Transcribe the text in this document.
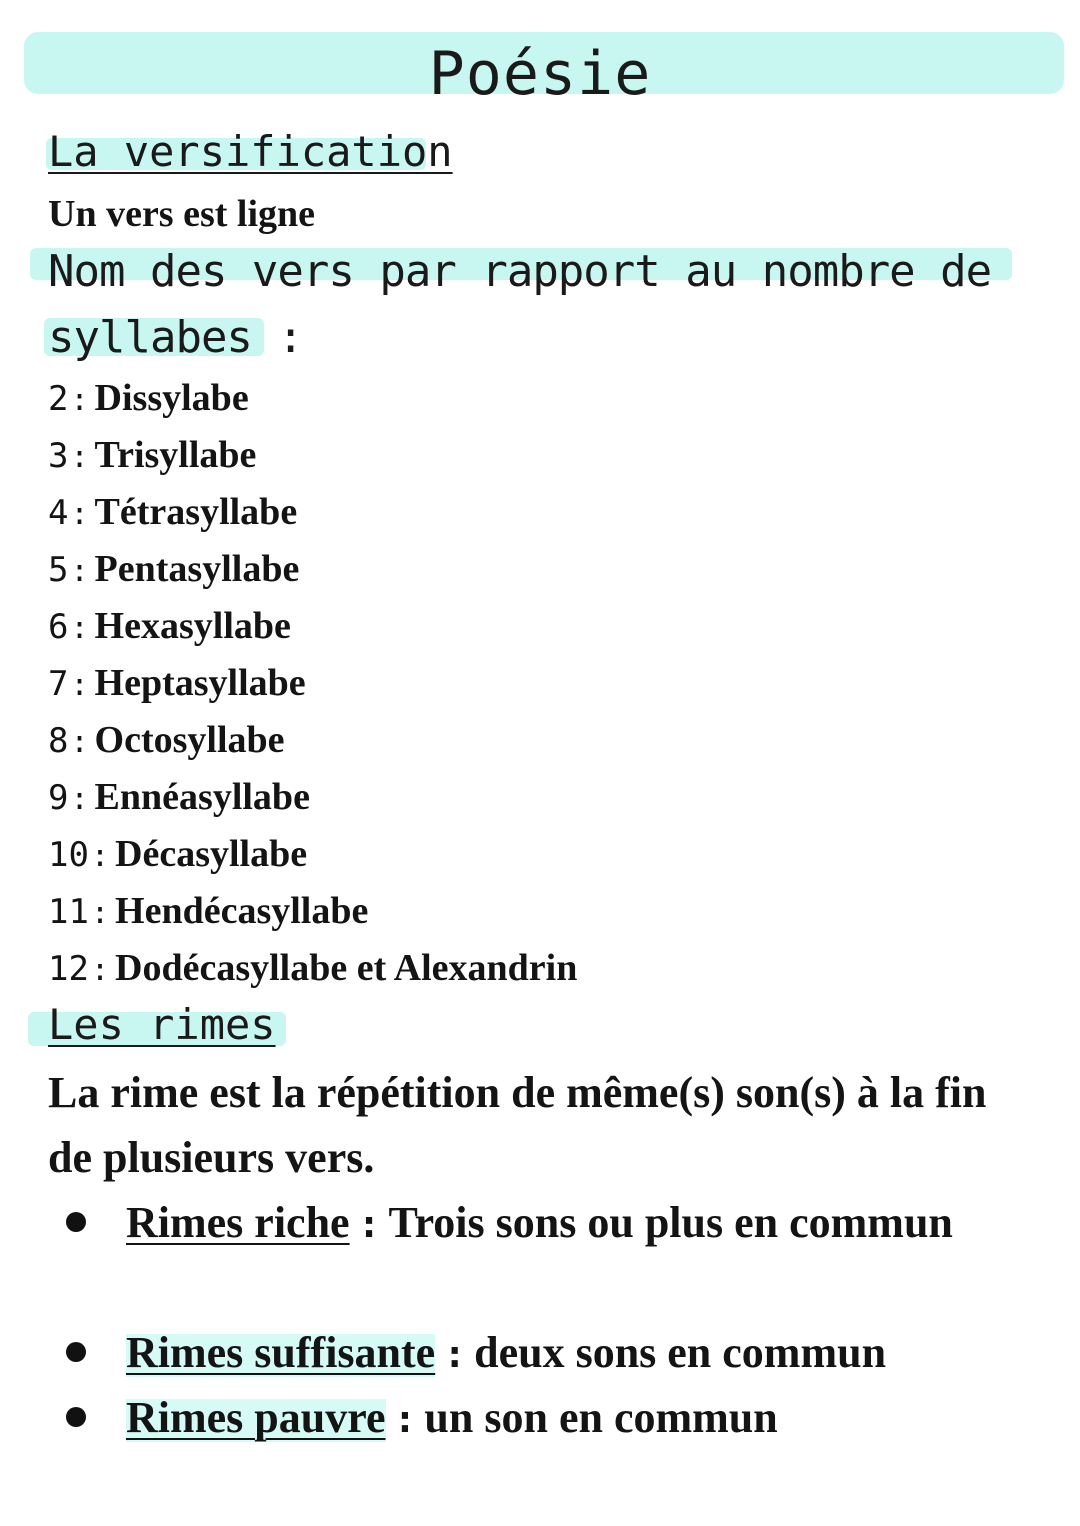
Poésie
La versification
Un vers est ligne
Nom des vers par rapport au nombre de
syllabes :
2: Dissylabe
3: Trisyllabe
4: Tétrasyllabe
5: Pentasyllabe
6: Hexasyllabe
7: Heptasyllabe
8: Octosyllabe
9: Ennéasyllabe
10: Décasyllabe
11: Hendécasyllabe
12: Dodécasyllabe et Alexandrin
Les rimes
La rime est la répétition de même(s) son(s) à la fin de plusieurs vers.
Rimes riche : Trois sons ou plus en commun
Rimes suffisante : deux sons en commun
Rimes pauvre : un son en commun
